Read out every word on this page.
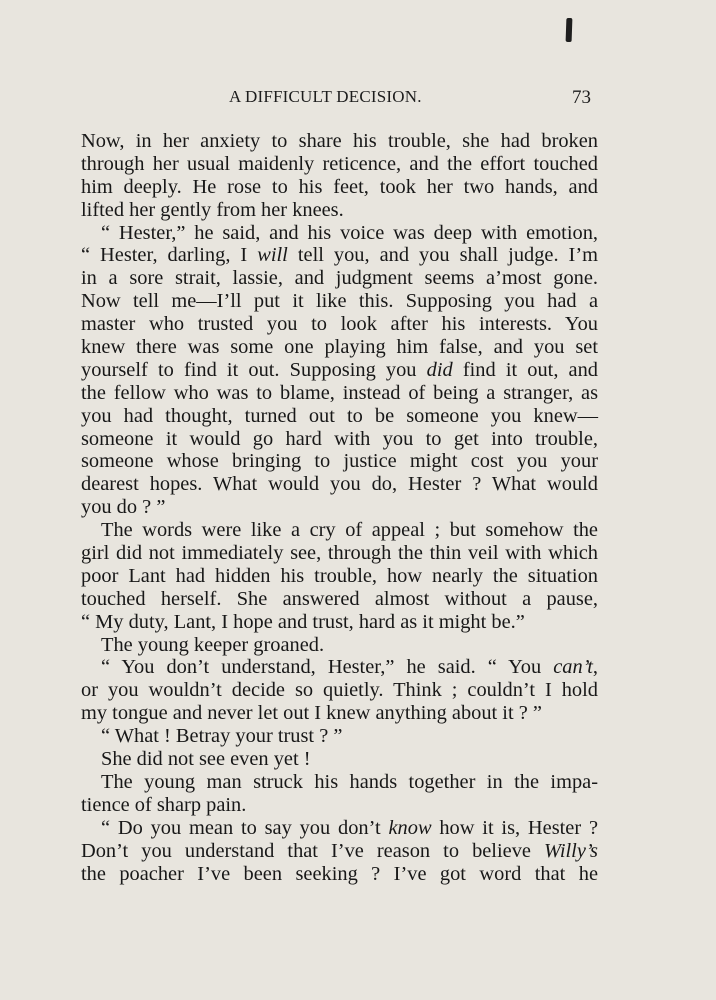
A DIFFICULT DECISION.	73
Now, in her anxiety to share his trouble, she had broken
through her usual maidenly reticence, and the effort touched
him deeply. He rose to his feet, took her two hands, and
lifted her gently from her knees.
“ Hester,” he said, and his voice was deep with emotion,
“ Hester, darling, I will tell you, and you shall judge. I’m
in a sore strait, lassie, and judgment seems a’most gone.
Now tell me—I’ll put it like this. Supposing you had a
master who trusted you to look after his interests. You
knew there was some one playing him false, and you set
yourself to find it out. Supposing you did find it out, and
the fellow who was to blame, instead of being a stranger, as
you had thought, turned out to be someone you knew—
someone it would go hard with you to get into trouble,
someone whose bringing to justice might cost you your
dearest hopes. What would you do, Hester ? What would
you do ? ”
The words were like a cry of appeal ; but somehow the
girl did not immediately see, through the thin veil with which
poor Lant had hidden his trouble, how nearly the situation
touched herself. She answered almost without a pause,
“ My duty, Lant, I hope and trust, hard as it might be.”
The young keeper groaned.
“ You don’t understand, Hester,” he said. “ You can’t,
or you wouldn’t decide so quietly. Think ; couldn’t I hold
my tongue and never let out I knew anything about it ? ”
“ What ! Betray your trust ? ”
She did not see even yet !
The young man struck his hands together in the impa-
tience of sharp pain.
“ Do you mean to say you don’t know how it is, Hester ?
Don’t you understand that I’ve reason to believe Willy’s
the poacher I’ve been seeking ? I’ve got word that he
